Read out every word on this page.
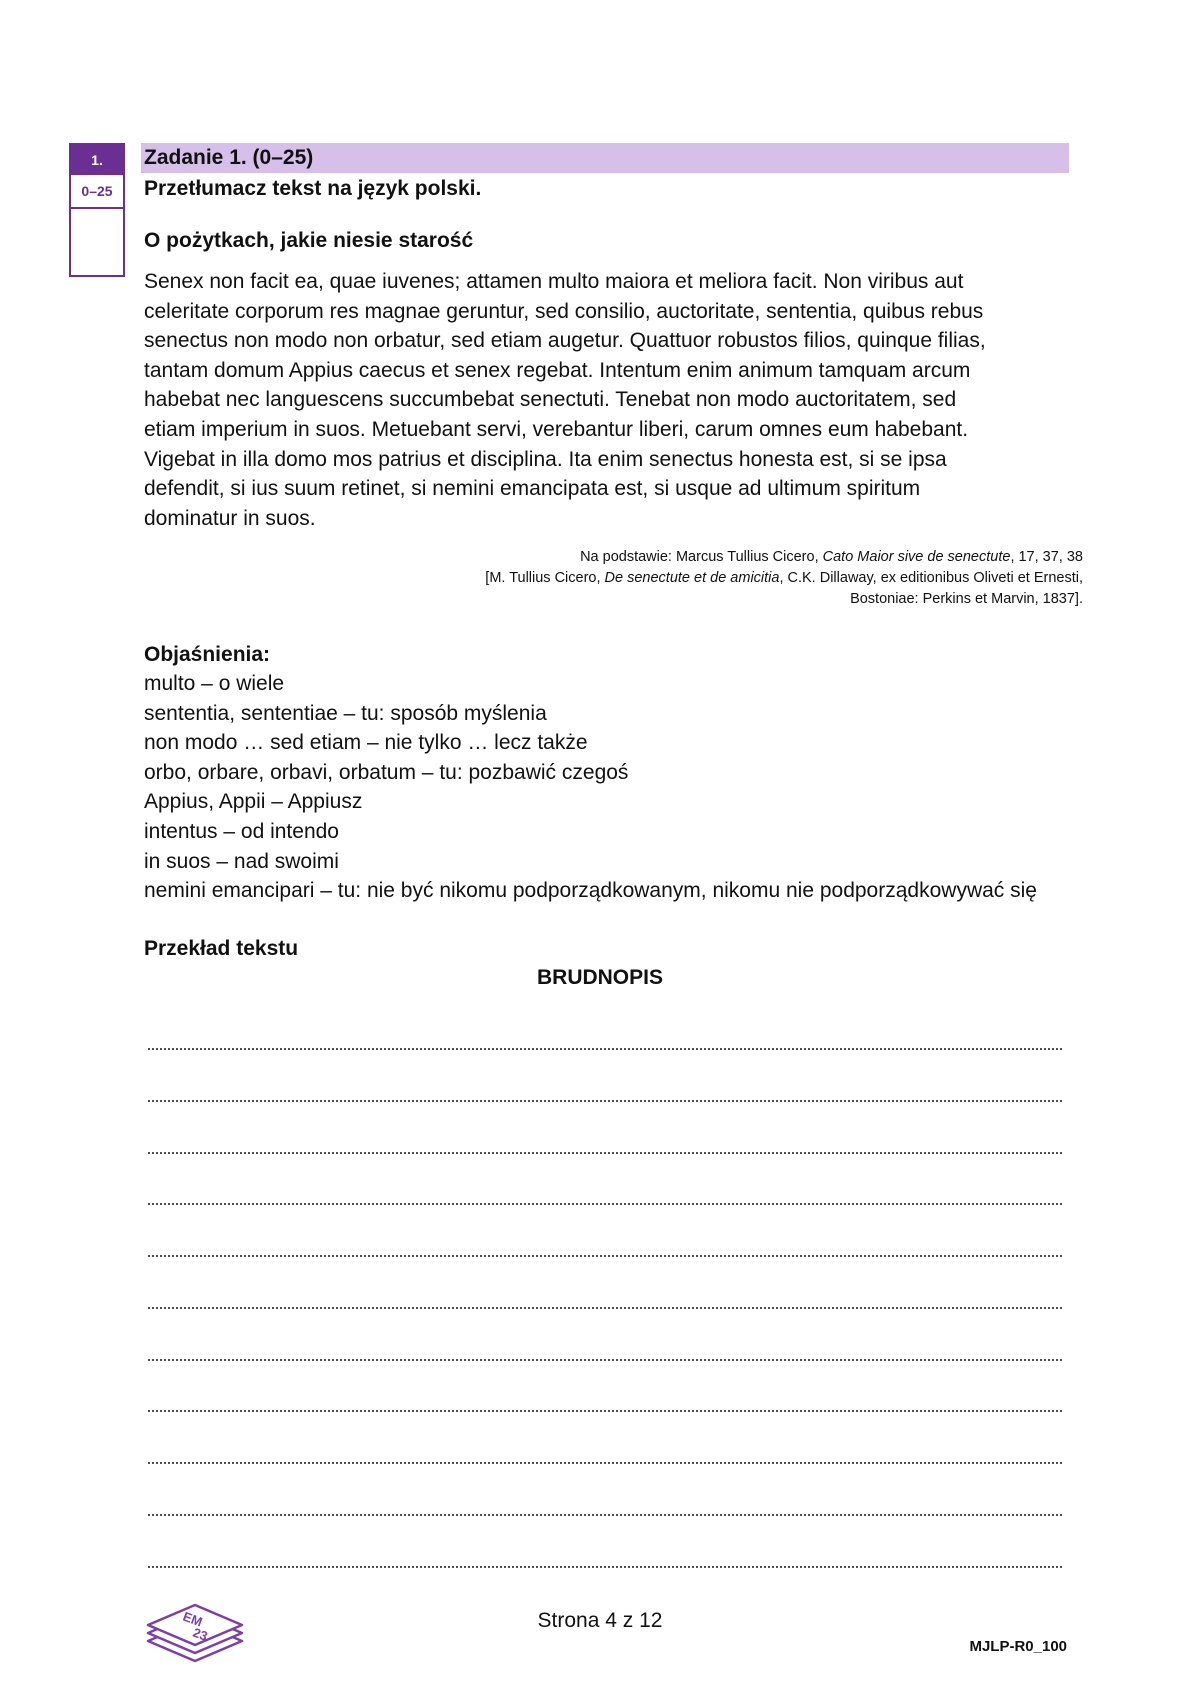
1.
0–25
Zadanie 1. (0–25)
Przetłumacz tekst na język polski.
O pożytkach, jakie niesie starość
Senex non facit ea, quae iuvenes; attamen multo maiora et meliora facit. Non viribus aut
celeritate corporum res magnae geruntur, sed consilio, auctoritate, sententia, quibus rebus
senectus non modo non orbatur, sed etiam augetur. Quattuor robustos filios, quinque filias,
tantam domum Appius caecus et senex regebat. Intentum enim animum tamquam arcum
habebat nec languescens succumbebat senectuti. Tenebat non modo auctoritatem, sed
etiam imperium in suos. Metuebant servi, verebantur liberi, carum omnes eum habebant.
Vigebat in illa domo mos patrius et disciplina. Ita enim senectus honesta est, si se ipsa
defendit, si ius suum retinet, si nemini emancipata est, si usque ad ultimum spiritum
dominatur in suos.
Na podstawie: Marcus Tullius Cicero, Cato Maior sive de senectute, 17, 37, 38
[M. Tullius Cicero, De senectute et de amicitia, C.K. Dillaway, ex editionibus Oliveti et Ernesti,
Bostoniae: Perkins et Marvin, 1837].
Objaśnienia:
multo – o wiele
sententia, sententiae – tu: sposób myślenia
non modo … sed etiam – nie tylko … lecz także
orbo, orbare, orbavi, orbatum – tu: pozbawić czegoś
Appius, Appii – Appiusz
intentus – od intendo
in suos – nad swoimi
nemini emancipari – tu: nie być nikomu podporządkowanym, nikomu nie podporządkowywać się
Przekład tekstu
BRUDNOPIS
EM
23
Strona 4 z 12
MJLP-R0_100
